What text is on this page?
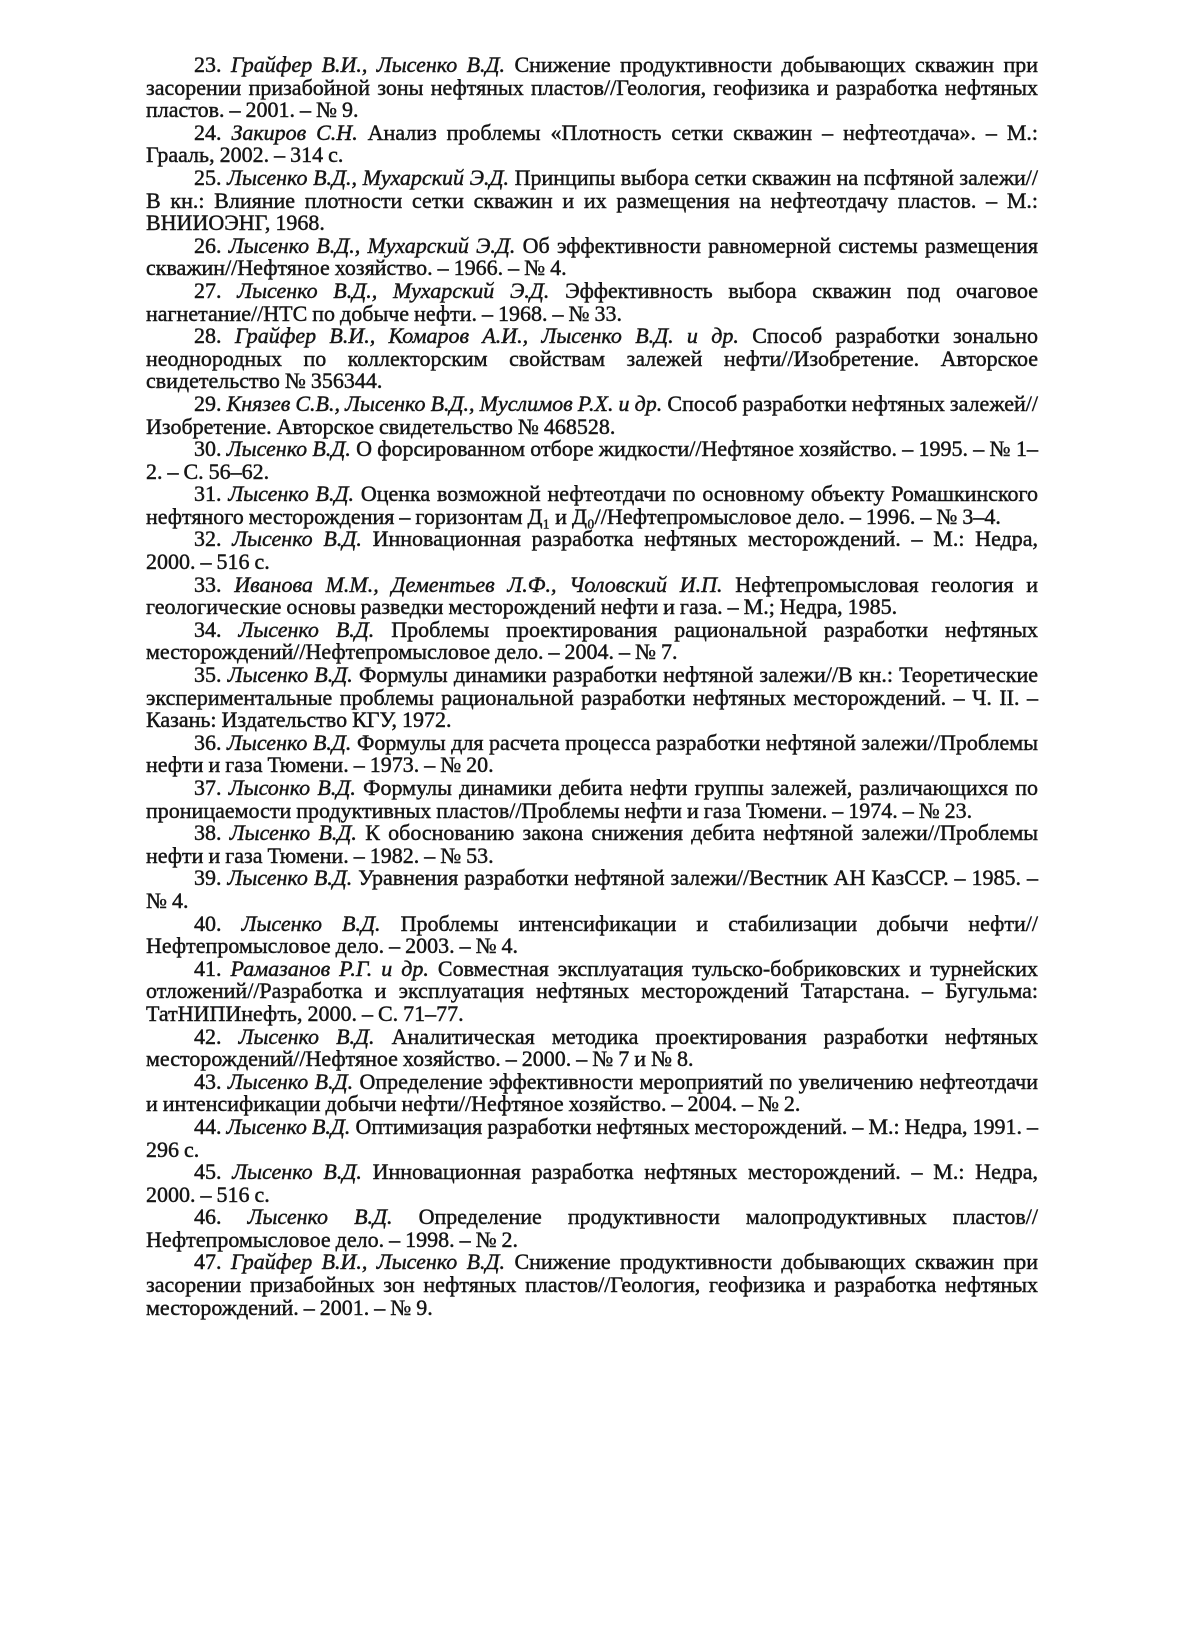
23. Грайфер В.И., Лысенко В.Д. Снижение продуктивности добывающих скважин при засорении призабойной зоны нефтяных пластов//Геология, геофизика и разработка нефтяных пластов. – 2001. – № 9.
24. Закиров С.Н. Анализ проблемы «Плотность сетки скважин – нефтеотдача». – М.: Грааль, 2002. – 314 с.
25. Лысенко В.Д., Мухарский Э.Д. Принципы выбора сетки скважин на псфтяной залежи//В кн.: Влияние плотности сетки скважин и их размещения на нефтеотдачу пластов. – М.: ВНИИОЭНГ, 1968.
26. Лысенко В.Д., Мухарский Э.Д. Об эффективности равномерной системы размещения скважин//Нефтяное хозяйство. – 1966. – № 4.
27. Лысенко В.Д., Мухарский Э.Д. Эффективность выбора скважин под очаговое нагнетание//НТС по добыче нефти. – 1968. – № 33.
28. Грайфер В.И., Комаров А.И., Лысенко В.Д. и др. Способ разработки зонально неоднородных по коллекторским свойствам залежей нефти//Изобретение. Авторское свидетельство № 356344.
29. Князев С.В., Лысенко В.Д., Муслимов Р.Х. и др. Способ разработки нефтяных залежей//Изобретение. Авторское свидетельство № 468528.
30. Лысенко В.Д. О форсированном отборе жидкости//Нефтяное хозяйство. – 1995. – № 1–2. – С. 56–62.
31. Лысенко В.Д. Оценка возможной нефтеотдачи по основному объекту Ромашкинского нефтяного месторождения – горизонтам Д₁ и Д₀//Нефтепромысловое дело. – 1996. – № 3–4.
32. Лысенко В.Д. Инновационная разработка нефтяных месторождений. – М.: Недра, 2000. – 516 с.
33. Иванова М.М., Дементьев Л.Ф., Чоловский И.П. Нефтепромысловая геология и геологические основы разведки месторождений нефти и газа. – М.; Недра, 1985.
34. Лысенко В.Д. Проблемы проектирования рациональной разработки нефтяных месторождений//Нефтепромысловое дело. – 2004. – № 7.
35. Лысенко В.Д. Формулы динамики разработки нефтяной залежи//В кн.: Теоретические экспериментальные проблемы рациональной разработки нефтяных месторождений. – Ч. II. – Казань: Издательство КГУ, 1972.
36. Лысенко В.Д. Формулы для расчета процесса разработки нефтяной залежи//Проблемы нефти и газа Тюмени. – 1973. – № 20.
37. Лысонко В.Д. Формулы динамики дебита нефти группы залежей, различающихся по проницаемости продуктивных пластов//Проблемы нефти и газа Тюмени. – 1974. – № 23.
38. Лысенко В.Д. К обоснованию закона снижения дебита нефтяной залежи//Проблемы нефти и газа Тюмени. – 1982. – № 53.
39. Лысенко В.Д. Уравнения разработки нефтяной залежи//Вестник АН КазССР. – 1985. – № 4.
40. Лысенко В.Д. Проблемы интенсификации и стабилизации добычи нефти//Нефтепромысловое дело. – 2003. – № 4.
41. Рамазанов Р.Г. и др. Совместная эксплуатация тульско-бобриковских и турнейских отложений//Разработка и эксплуатация нефтяных месторождений Татарстана. – Бугульма: ТатНИПИнефть, 2000. – С. 71–77.
42. Лысенко В.Д. Аналитическая методика проектирования разработки нефтяных месторождений//Нефтяное хозяйство. – 2000. – № 7 и № 8.
43. Лысенко В.Д. Определение эффективности мероприятий по увеличению нефтеотдачи и интенсификации добычи нефти//Нефтяное хозяйство. – 2004. – № 2.
44. Лысенко В.Д. Оптимизация разработки нефтяных месторождений. – М.: Недра, 1991. – 296 с.
45. Лысенко В.Д. Инновационная разработка нефтяных месторождений. – М.: Недра, 2000. – 516 с.
46. Лысенко В.Д. Определение продуктивности малопродуктивных пластов//Нефтепромысловое дело. – 1998. – № 2.
47. Грайфер В.И., Лысенко В.Д. Снижение продуктивности добывающих скважин при засорении призабойных зон нефтяных пластов//Геология, геофизика и разработка нефтяных месторождений. – 2001. – № 9.
